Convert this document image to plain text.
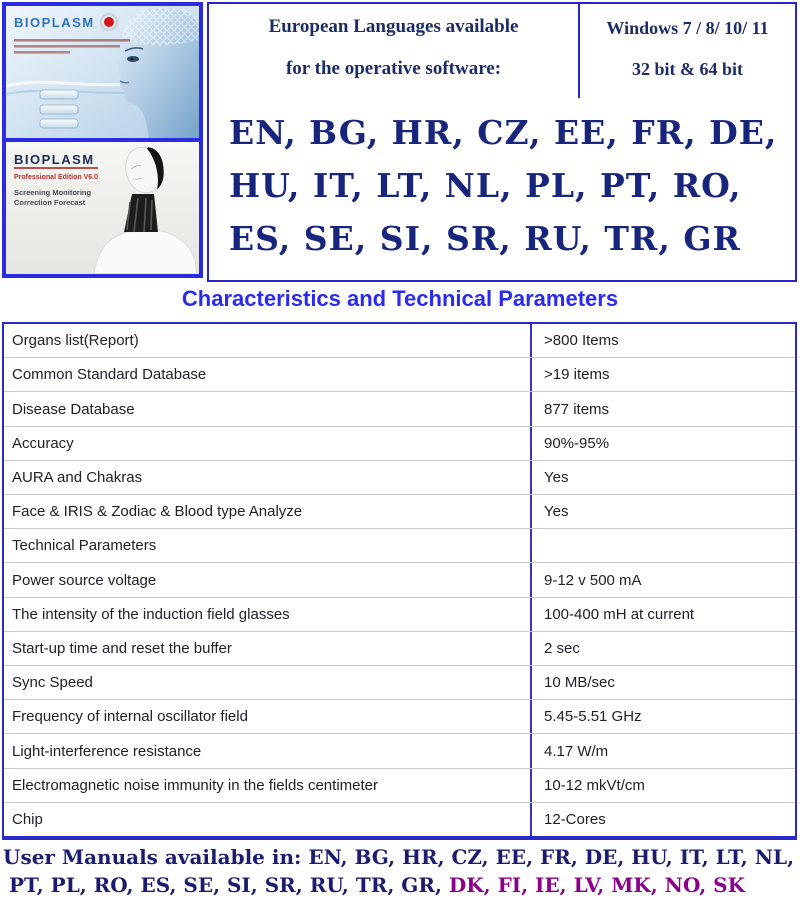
BIOPLASM
BIOPLASM
Professional Edition V6.0
Screening Monitoring
Correction Forecast
European Languages available
for the operative software:
Windows 7 / 8/ 10/ 11
32 bit & 64 bit
EN, BG, HR, CZ, EE, FR, DE,
HU, IT, LT, NL, PL, PT, RO,
ES, SE, SI, SR, RU, TR, GR
Characteristics and Technical Parameters
Organs list(Report)	>800 Items
Common Standard Database	>19 items
Disease Database	877 items
Accuracy	90%-95%
AURA and Chakras	Yes
Face & IRIS & Zodiac & Blood type Analyze	Yes
Technical Parameters
Power source voltage	9-12 v 500 mA
The intensity of the induction field glasses	100-400 mH at current
Start-up time and reset the buffer	2 sec
Sync Speed	10 MB/sec
Frequency of internal oscillator field	5.45-5.51 GHz
Light-interference resistance	4.17 W/m
Electromagnetic noise immunity in the fields centimeter	10-12 mkVt/cm
Chip	12-Cores
User Manuals available in: EN, BG, HR, CZ, EE, FR, DE, HU, IT, LT, NL,
PT, PL, RO, ES, SE, SI, SR, RU, TR, GR, DK, FI, IE, LV, MK, NO, SK
